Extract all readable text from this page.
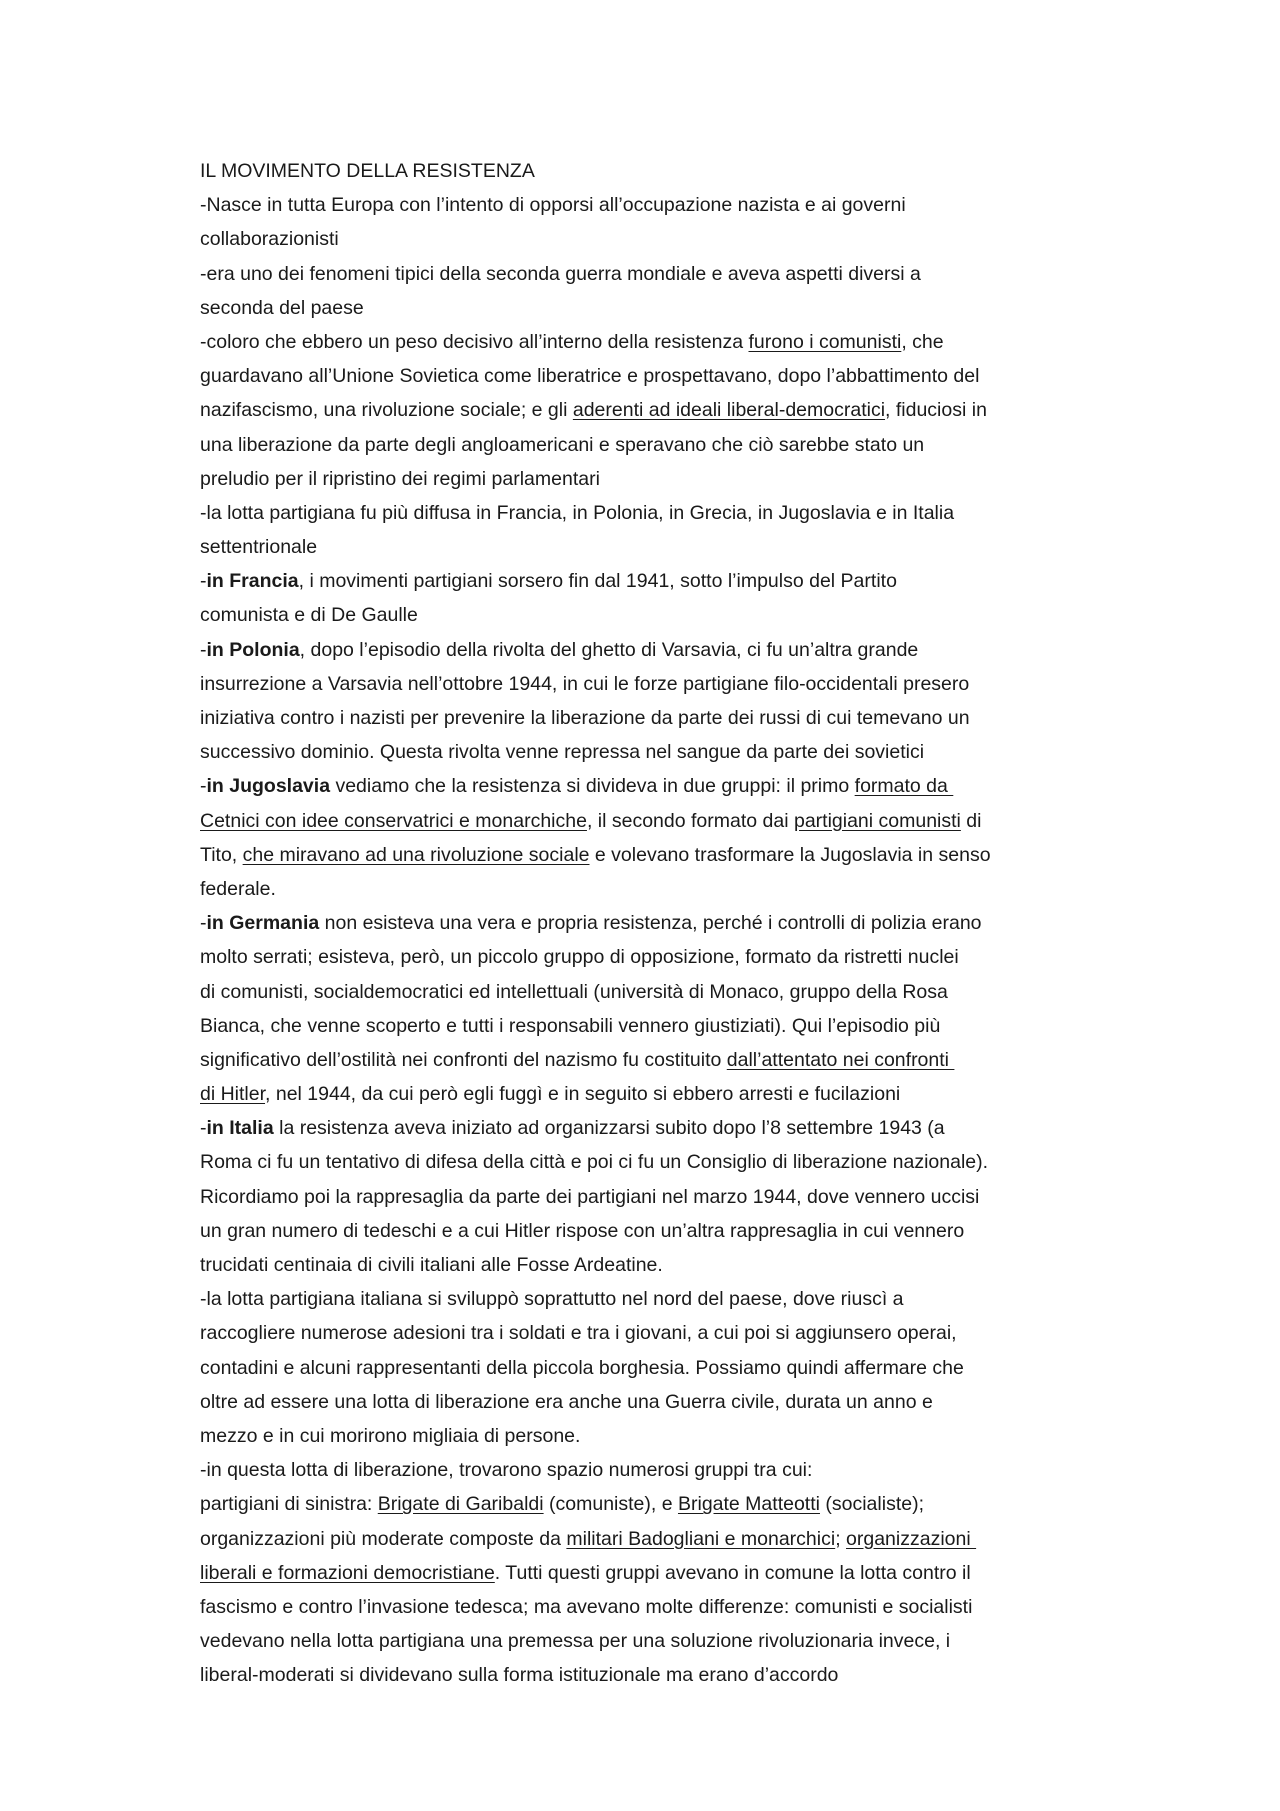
IL MOVIMENTO DELLA RESISTENZA
-Nasce in tutta Europa con l’intento di opporsi all’occupazione nazista e ai governi
collaborazionisti
-era uno dei fenomeni tipici della seconda guerra mondiale e aveva aspetti diversi a
seconda del paese
-coloro che ebbero un peso decisivo all’interno della resistenza furono i comunisti, che
guardavano all’Unione Sovietica come liberatrice e prospettavano, dopo l’abbattimento del
nazifascismo, una rivoluzione sociale; e gli aderenti ad ideali liberal-democratici, fiduciosi in
una liberazione da parte degli angloamericani e speravano che ciò sarebbe stato un
preludio per il ripristino dei regimi parlamentari
-la lotta partigiana fu più diffusa in Francia, in Polonia, in Grecia, in Jugoslavia e in Italia
settentrionale
-in Francia, i movimenti partigiani sorsero fin dal 1941, sotto l’impulso del Partito
comunista e di De Gaulle
-in Polonia, dopo l’episodio della rivolta del ghetto di Varsavia, ci fu un’altra grande
insurrezione a Varsavia nell’ottobre 1944, in cui le forze partigiane filo-occidentali presero
iniziativa contro i nazisti per prevenire la liberazione da parte dei russi di cui temevano un
successivo dominio. Questa rivolta venne repressa nel sangue da parte dei sovietici
-in Jugoslavia vediamo che la resistenza si divideva in due gruppi: il primo formato da
Cetnici con idee conservatrici e monarchiche, il secondo formato dai partigiani comunisti di
Tito, che miravano ad una rivoluzione sociale e volevano trasformare la Jugoslavia in senso
federale.
-in Germania non esisteva una vera e propria resistenza, perché i controlli di polizia erano
molto serrati; esisteva, però, un piccolo gruppo di opposizione, formato da ristretti nuclei
di comunisti, socialdemocratici ed intellettuali (università di Monaco, gruppo della Rosa
Bianca, che venne scoperto e tutti i responsabili vennero giustiziati). Qui l’episodio più
significativo dell’ostilità nei confronti del nazismo fu costituito dall’attentato nei confronti
di Hitler, nel 1944, da cui però egli fuggì e in seguito si ebbero arresti e fucilazioni
-in Italia la resistenza aveva iniziato ad organizzarsi subito dopo l’8 settembre 1943 (a
Roma ci fu un tentativo di difesa della città e poi ci fu un Consiglio di liberazione nazionale).
Ricordiamo poi la rappresaglia da parte dei partigiani nel marzo 1944, dove vennero uccisi
un gran numero di tedeschi e a cui Hitler rispose con un’altra rappresaglia in cui vennero
trucidati centinaia di civili italiani alle Fosse Ardeatine.
-la lotta partigiana italiana si sviluppò soprattutto nel nord del paese, dove riuscì a
raccogliere numerose adesioni tra i soldati e tra i giovani, a cui poi si aggiunsero operai,
contadini e alcuni rappresentanti della piccola borghesia. Possiamo quindi affermare che
oltre ad essere una lotta di liberazione era anche una Guerra civile, durata un anno e
mezzo e in cui morirono migliaia di persone.
-in questa lotta di liberazione, trovarono spazio numerosi gruppi tra cui:
partigiani di sinistra: Brigate di Garibaldi (comuniste), e Brigate Matteotti (socialiste);
organizzazioni più moderate composte da militari Badogliani e monarchici; organizzazioni
liberali e formazioni democristiane. Tutti questi gruppi avevano in comune la lotta contro il
fascismo e contro l’invasione tedesca; ma avevano molte differenze: comunisti e socialisti
vedevano nella lotta partigiana una premessa per una soluzione rivoluzionaria invece, i
liberal-moderati si dividevano sulla forma istituzionale ma erano d’accordo
